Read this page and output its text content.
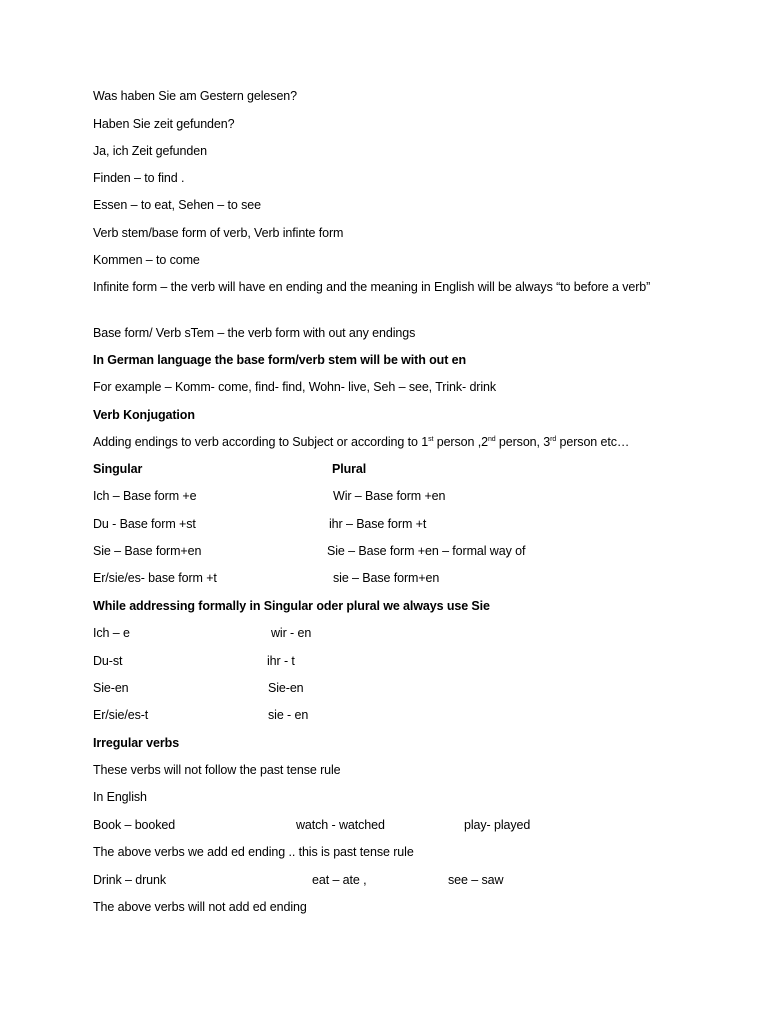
Was haben Sie am Gestern gelesen?
Haben Sie zeit gefunden?
Ja, ich Zeit gefunden
Finden – to find .
Essen – to eat, Sehen – to see
Verb stem/base form of verb, Verb infinte form
Kommen – to come
Infinite form – the verb will have en ending and the meaning in English will be always “to before a verb”
Base form/ Verb sTem – the verb form with out any endings
In German language the base form/verb stem will be with out en
For example – Komm- come, find- find, Wohn- live, Seh – see, Trink- drink
Verb Konjugation
Adding endings to verb according to Subject or according to 1st person ,2nd person, 3rd person etc…
Singular	Plural
Ich – Base form +e	Wir – Base form +en
Du - Base form +st	ihr – Base form +t
Sie – Base form+en	Sie – Base form +en – formal way of
Er/sie/es- base form +t	sie – Base form+en
While addressing formally in Singular oder plural we always use Sie
Ich – e	wir - en
Du-st	ihr - t
Sie-en	Sie-en
Er/sie/es-t	sie - en
Irregular verbs
These verbs will not follow the past tense rule
In English
Book – booked	watch - watched	play- played
The above verbs we add ed ending .. this is past tense rule
Drink – drunk	eat – ate ,	see – saw
The above verbs will not add ed ending
